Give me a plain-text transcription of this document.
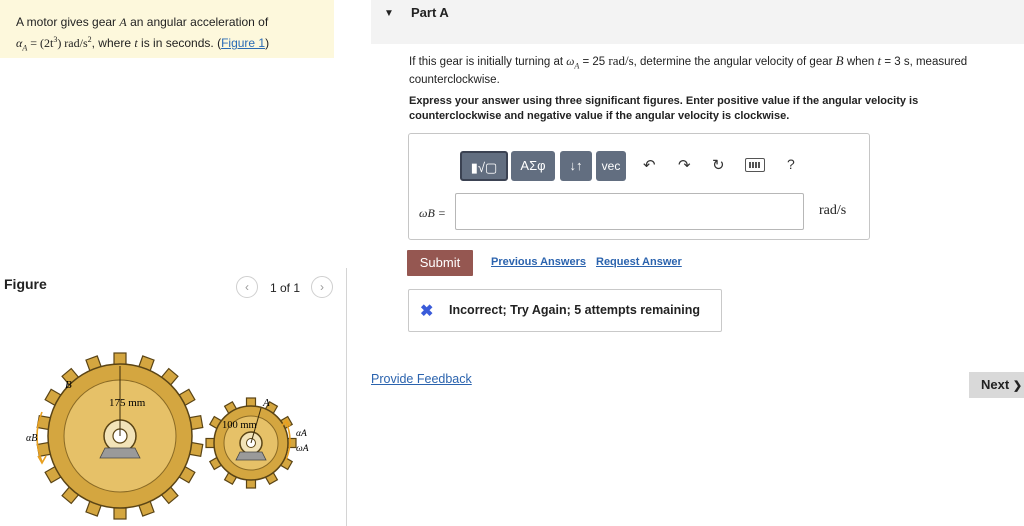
A motor gives gear A an angular acceleration of
$\alpha_A = (2t^3)$ rad/$s^2$, where t is in seconds. (Figure 1)
Figure	‹	1 of 1	›
B
A
175 mm
100 mm
αB	αA
ωA
▼ Part A
If this gear is initially turning at $\omega_A = 25$ rad/s, determine the angular velocity of gear B when t = 3 s, measured counterclockwise.
Express your answer using three significant figures. Enter positive value if the angular velocity is counterclockwise and negative value if the angular velocity is clockwise.
▮√▢	ΑΣφ	↓↑	vec	↶ ↷ ↻	?
ωB =	rad/s
Submit	Previous Answers Request Answer
✖ Incorrect; Try Again; 5 attempts remaining
Provide Feedback	Next ❯
